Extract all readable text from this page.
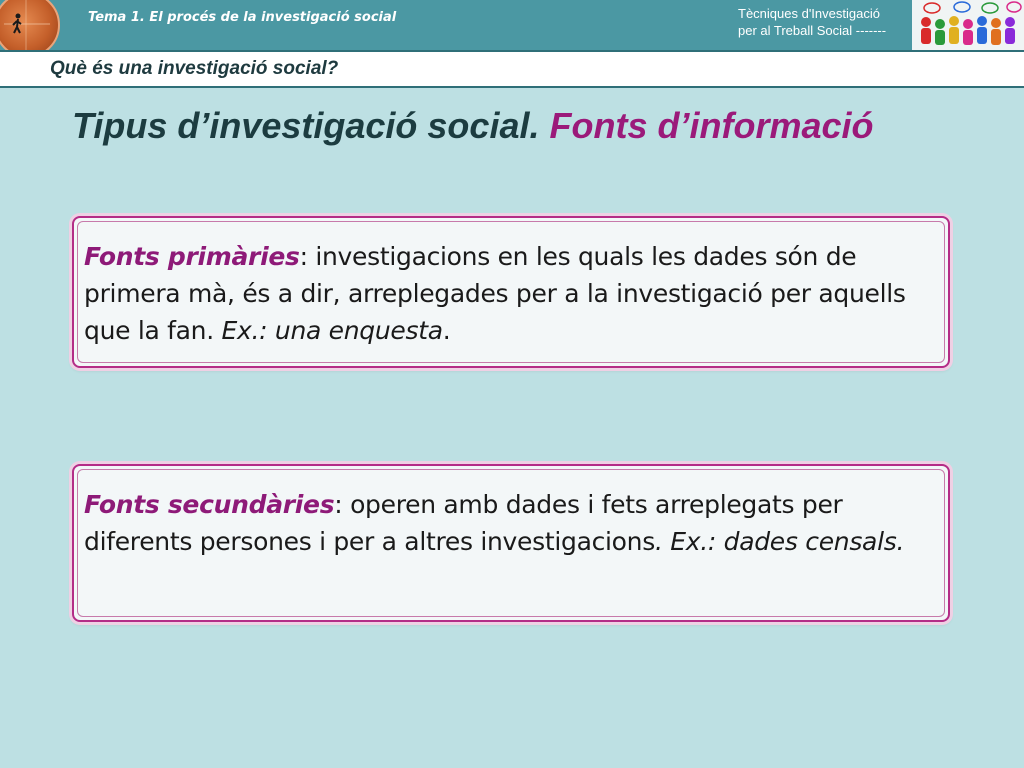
Tema 1. El procés de la investigació social	Tècniques d'Investigació
per al Treball Social -------
Què és una investigació social?
Tipus d’investigació social. Fonts d’informació

Fonts primàries: investigacions en les quals les dades són de primera mà, és a dir, arreplegades per a la investigació per aquells que la fan. Ex.: una enquesta.

Fonts secundàries: operen amb dades i fets arreplegats per diferents persones i per a altres investigacions. Ex.: dades censals.
